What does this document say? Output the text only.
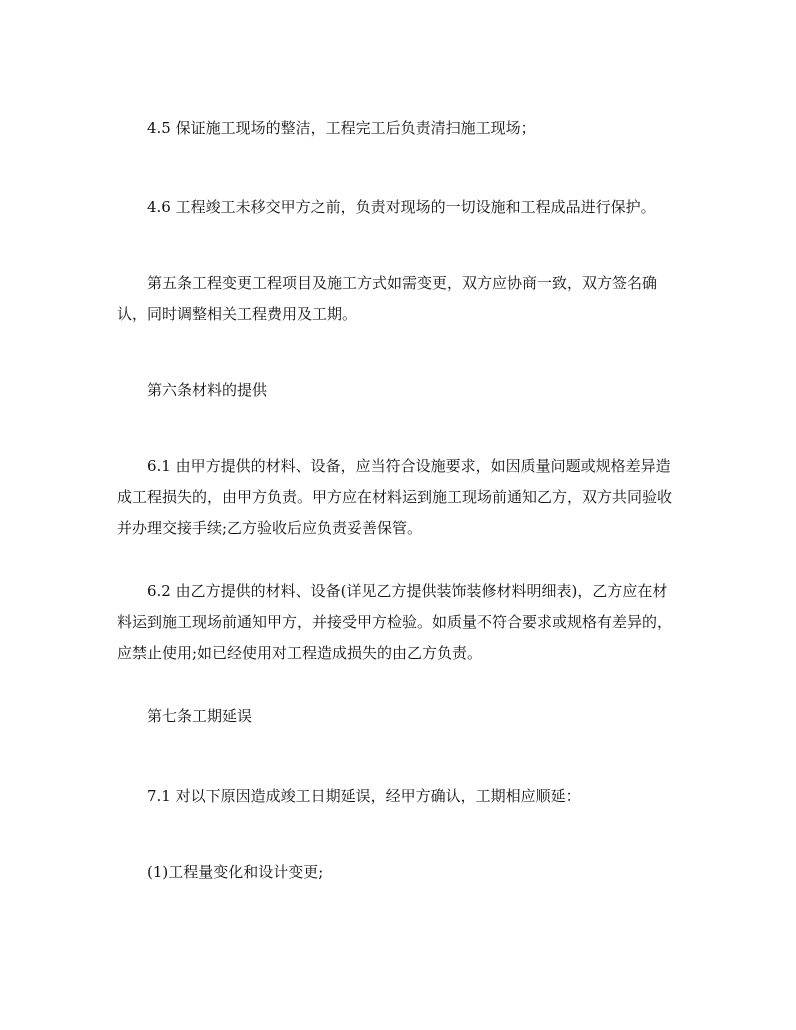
4.5 保证施工现场的整洁，工程完工后负责清扫施工现场；

4.6 工程竣工未移交甲方之前，负责对现场的一切设施和工程成品进行保护。

第五条工程变更工程项目及施工方式如需变更，双方应协商一致，双方签名确认，同时调整相关工程费用及工期。

第六条材料的提供

6.1 由甲方提供的材料、设备，应当符合设施要求，如因质量问题或规格差异造成工程损失的，由甲方负责。甲方应在材料运到施工现场前通知乙方，双方共同验收并办理交接手续;乙方验收后应负责妥善保管。

6.2 由乙方提供的材料、设备(详见乙方提供装饰装修材料明细表)，乙方应在材料运到施工现场前通知甲方，并接受甲方检验。如质量不符合要求或规格有差异的，应禁止使用;如已经使用对工程造成损失的由乙方负责。

第七条工期延误

7.1 对以下原因造成竣工日期延误，经甲方确认，工期相应顺延：

(1)工程量变化和设计变更;
